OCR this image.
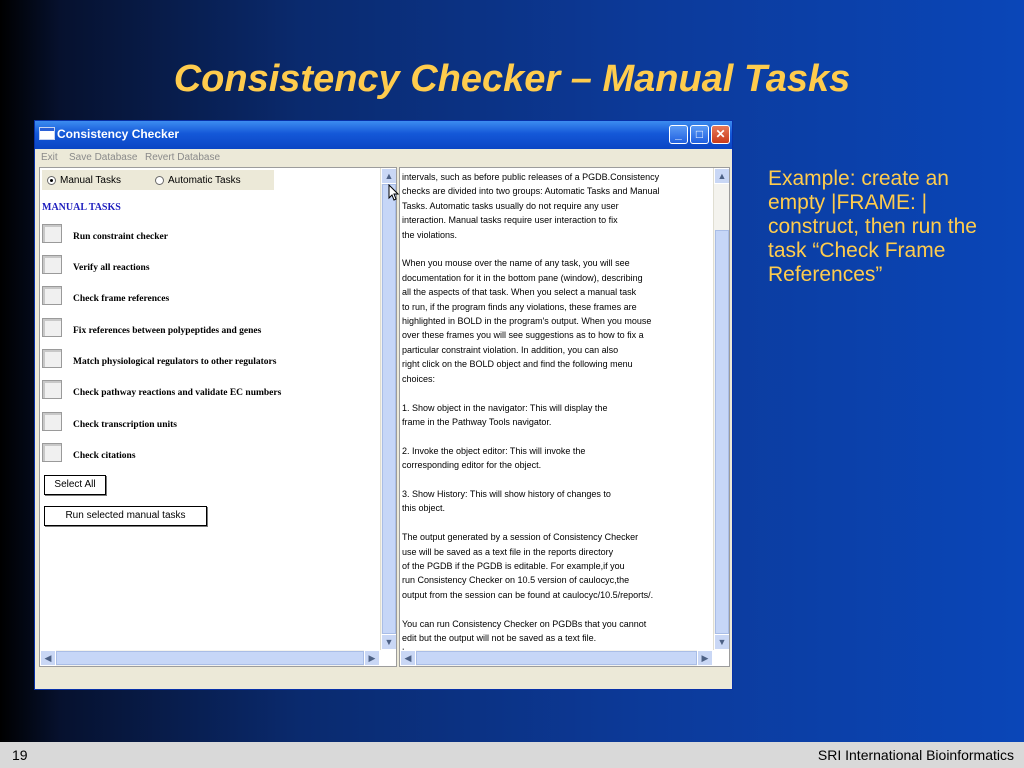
Consistency Checker – Manual Tasks
Consistency Checker	_	□	✕
Exit Save Database Revert Database
Manual Tasks	Automatic Tasks
MANUAL TASKS
Run constraint checker
Verify all reactions
Check frame references
Fix references between polypeptides and genes
Match physiological regulators to other regulators
Check pathway reactions and validate EC numbers
Check transcription units
Check citations
Select All
Run selected manual tasks
▲
▼
◀	▶
intervals, such as before public releases of a PGDB.Consistency
checks are divided into two groups: Automatic Tasks and Manual
Tasks. Automatic tasks usually do not require any user
interaction. Manual tasks require user interaction to fix
the violations.

When you mouse over the name of any task, you will see
documentation for it in the bottom pane (window), describing
all the aspects of that task. When you select a manual task
to run, if the program finds any violations, these frames are
highlighted in BOLD in the program's output. When you mouse
over these frames you will see suggestions as to how to fix a
particular constraint violation. In addition, you can also
right click on the BOLD object and find the following menu
choices:

1. Show object in the navigator: This will display the
frame in the Pathway Tools navigator.

2. Invoke the object editor: This will invoke the
corresponding editor for the object.

3. Show History: This will show history of changes to
this object.

The output generated by a session of Consistency Checker
use will be saved as a text file in the reports directory
of the PGDB if the PGDB is editable. For example,if you
run Consistency Checker on 10.5 version of caulocyc,the
output from the session can be found at caulocyc/10.5/reports/.

You can run Consistency Checker on PGDBs that you cannot
edit but the output will not be saved as a text file.

▲
▼
◀	▶
Example: create an empty |FRAME: | construct, then run the task “Check Frame References”
19	SRI International Bioinformatics
